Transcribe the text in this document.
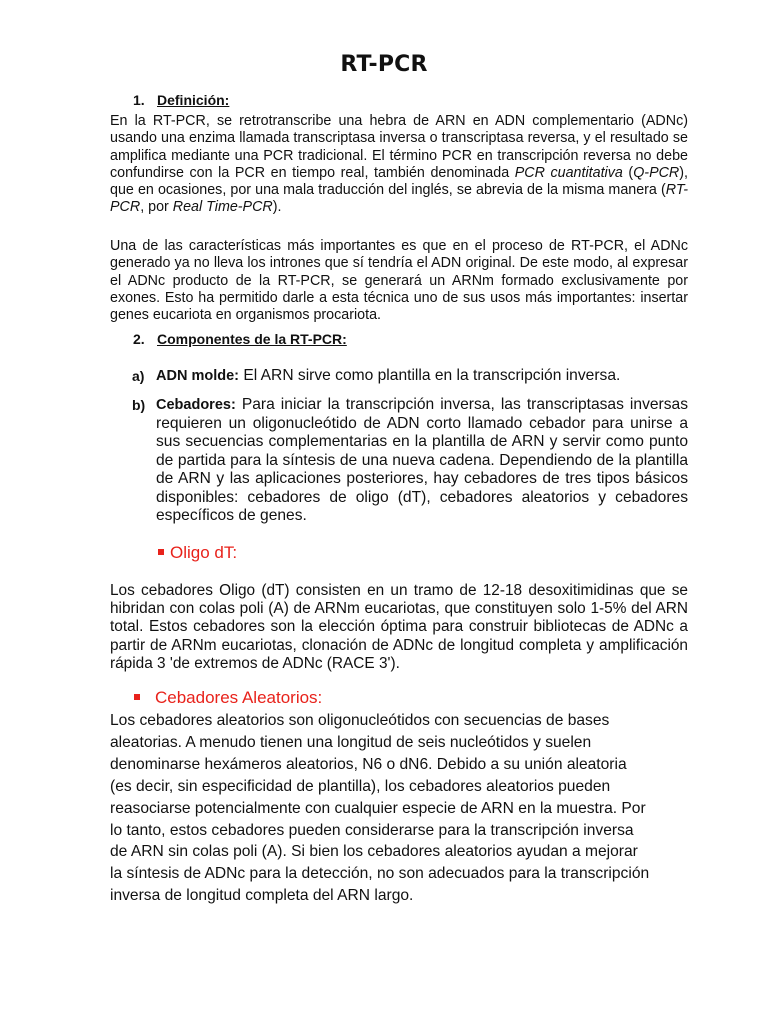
RT-PCR
1. Definición:

En la RT-PCR, se retrotranscribe una hebra de ARN en ADN complementario (ADNc) usando una enzima llamada transcriptasa inversa o transcriptasa reversa, y el resultado se amplifica mediante una PCR tradicional. El término PCR en transcripción reversa no debe confundirse con la PCR en tiempo real, también denominada PCR cuantitativa (Q-PCR), que en ocasiones, por una mala traducción del inglés, se abrevia de la misma manera (RT-PCR, por Real Time-PCR).

Una de las características más importantes es que en el proceso de RT-PCR, el ADNc generado ya no lleva los intrones que sí tendría el ADN original. De este modo, al expresar el ADNc producto de la RT-PCR, se generará un ARNm formado exclusivamente por exones. Esto ha permitido darle a esta técnica uno de sus usos más importantes: insertar genes eucariota en organismos procariota.

2. Componentes de la RT-PCR:
a) ADN molde: El ARN sirve como plantilla en la transcripción inversa.
b) Cebadores: Para iniciar la transcripción inversa, las transcriptasas inversas requieren un oligonucleótido de ADN corto llamado cebador para unirse a sus secuencias complementarias en la plantilla de ARN y servir como punto de partida para la síntesis de una nueva cadena. Dependiendo de la plantilla de ARN y las aplicaciones posteriores, hay cebadores de tres tipos básicos disponibles: cebadores de oligo (dT), cebadores aleatorios y cebadores específicos de genes.
Oligo dT:
Los cebadores Oligo (dT) consisten en un tramo de 12-18 desoxitimidinas que se hibridan con colas poli (A) de ARNm eucariotas, que constituyen solo 1-5% del ARN total. Estos cebadores son la elección óptima para construir bibliotecas de ADNc a partir de ARNm eucariotas, clonación de ADNc de longitud completa y amplificación rápida 3 'de extremos de ADNc (RACE 3').
Cebadores Aleatorios:
Los cebadores aleatorios son oligonucleótidos con secuencias de bases aleatorias. A menudo tienen una longitud de seis nucleótidos y suelen denominarse hexámeros aleatorios, N6 o dN6. Debido a su unión aleatoria (es decir, sin especificidad de plantilla), los cebadores aleatorios pueden reasociarse potencialmente con cualquier especie de ARN en la muestra. Por lo tanto, estos cebadores pueden considerarse para la transcripción inversa de ARN sin colas poli (A). Si bien los cebadores aleatorios ayudan a mejorar la síntesis de ADNc para la detección, no son adecuados para la transcripción inversa de longitud completa del ARN largo.
